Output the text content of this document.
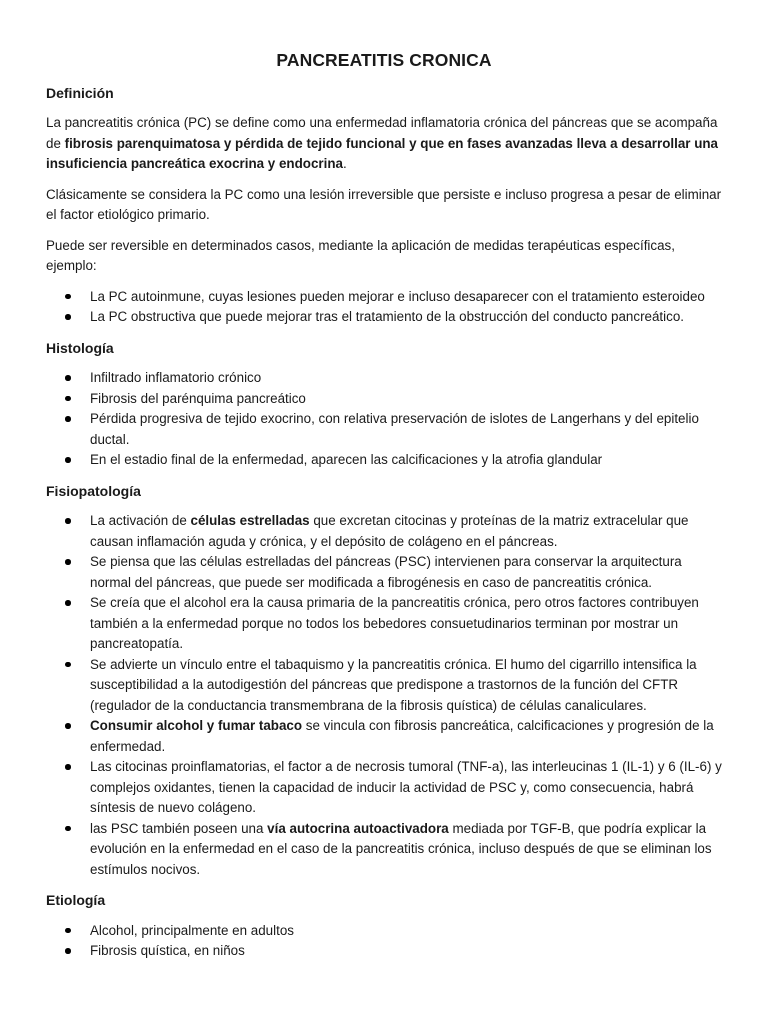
PANCREATITIS CRONICA
Definición

La pancreatitis crónica (PC) se define como una enfermedad inflamatoria crónica del páncreas que se acompaña de fibrosis parenquimatosa y pérdida de tejido funcional y que en fases avanzadas lleva a desarrollar una insuficiencia pancreática exocrina y endocrina.

Clásicamente se considera la PC como una lesión irreversible que persiste e incluso progresa a pesar de eliminar el factor etiológico primario.

Puede ser reversible en determinados casos, mediante la aplicación de medidas terapéuticas específicas, ejemplo:

La PC autoinmune, cuyas lesiones pueden mejorar e incluso desaparecer con el tratamiento esteroideo
La PC obstructiva que puede mejorar tras el tratamiento de la obstrucción del conducto pancreático.
Histología
Infiltrado inflamatorio crónico
Fibrosis del parénquima pancreático
Pérdida progresiva de tejido exocrino, con relativa preservación de islotes de Langerhans y del epitelio ductal.
En el estadio final de la enfermedad, aparecen las calcificaciones y la atrofia glandular
Fisiopatología
La activación de células estrelladas que excretan citocinas y proteínas de la matriz extracelular que causan inflamación aguda y crónica, y el depósito de colágeno en el páncreas.
Se piensa que las células estrelladas del páncreas (PSC) intervienen para conservar la arquitectura normal del páncreas, que puede ser modificada a fibrogénesis en caso de pancreatitis crónica.
Se creía que el alcohol era la causa primaria de la pancreatitis crónica, pero otros factores contribuyen también a la enfermedad porque no todos los bebedores consuetudinarios terminan por mostrar un pancreatopatía.
Se advierte un vínculo entre el tabaquismo y la pancreatitis crónica. El humo del cigarrillo intensifica la susceptibilidad a la autodigestión del páncreas que predispone a trastornos de la función del CFTR (regulador de la conductancia transmembrana de la fibrosis quística) de células canaliculares.
Consumir alcohol y fumar tabaco se vincula con fibrosis pancreática, calcificaciones y progresión de la enfermedad.
Las citocinas proinflamatorias, el factor a de necrosis tumoral (TNF-a), las interleucinas 1 (IL-1) y 6 (IL-6) y complejos oxidantes, tienen la capacidad de inducir la actividad de PSC y, como consecuencia, habrá síntesis de nuevo colágeno.
las PSC también poseen una vía autocrina autoactivadora mediada por TGF-B, que podría explicar la evolución en la enfermedad en el caso de la pancreatitis crónica, incluso después de que se eliminan los estímulos nocivos.
Etiología
Alcohol, principalmente en adultos
Fibrosis quística, en niños
